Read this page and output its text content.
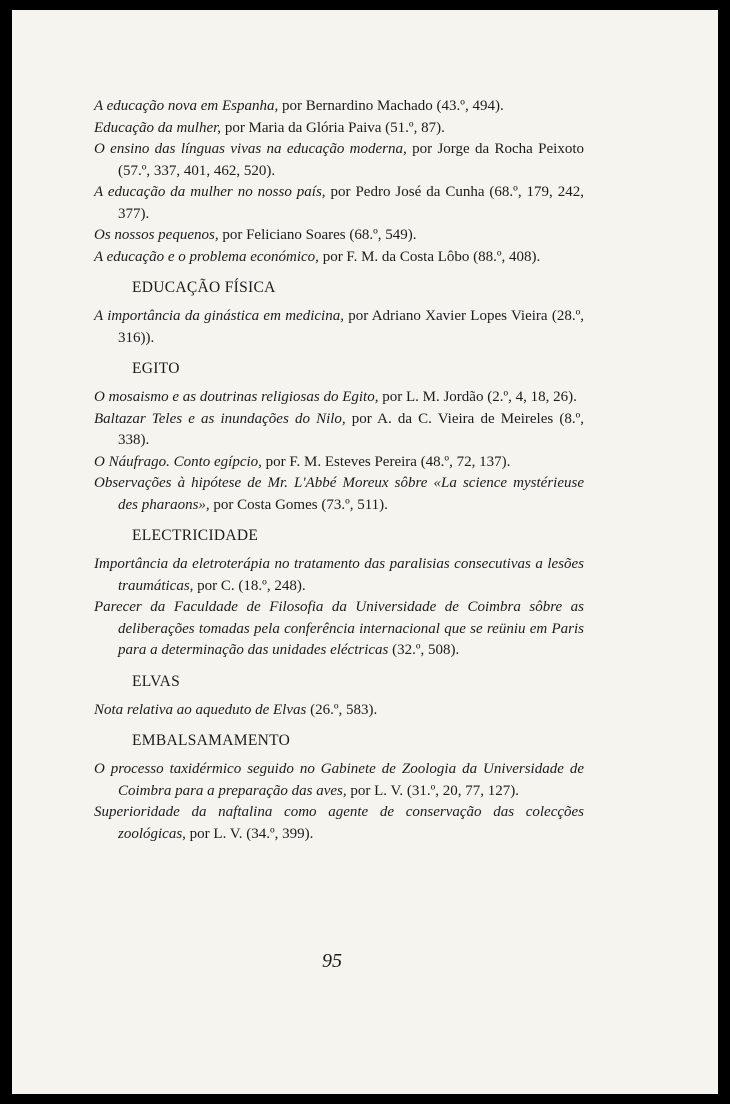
A educação nova em Espanha, por Bernardino Machado (43.º, 494).

Educação da mulher, por Maria da Glória Paiva (51.º, 87).

O ensino das línguas vivas na educação moderna, por Jorge da Rocha Peixoto (57.º, 337, 401, 462, 520).

A educação da mulher no nosso país, por Pedro José da Cunha (68.º, 179, 242, 377).

Os nossos pequenos, por Feliciano Soares (68.º, 549).

A educação e o problema económico, por F. M. da Costa Lôbo (88.º, 408).

EDUCAÇÃO FÍSICA

A importância da ginástica em medicina, por Adriano Xavier Lopes Vieira (28.º, 316)).

EGITO

O mosaismo e as doutrinas religiosas do Egito, por L. M. Jordão (2.º, 4, 18, 26).

Baltazar Teles e as inundações do Nilo, por A. da C. Vieira de Meireles (8.º, 338).

O Náufrago. Conto egípcio, por F. M. Esteves Pereira (48.º, 72, 137).

Observações à hipótese de Mr. L'Abbé Moreux sôbre «La science mystérieuse des pharaons», por Costa Gomes (73.º, 511).

ELECTRICIDADE

Importância da eletroterápia no tratamento das paralisias consecutivas a lesões traumáticas, por C. (18.º, 248).

Parecer da Faculdade de Filosofia da Universidade de Coimbra sôbre as deliberações tomadas pela conferência internacional que se reüniu em Paris para a determinação das unidades eléctricas (32.º, 508).

ELVAS

Nota relativa ao aqueduto de Elvas (26.º, 583).

EMBALSAMAMENTO

O processo taxidérmico seguido no Gabinete de Zoologia da Universidade de Coimbra para a preparação das aves, por L. V. (31.º, 20, 77, 127).

Superioridade da naftalina como agente de conservação das colecções zoológicas, por L. V. (34.º, 399).

95
